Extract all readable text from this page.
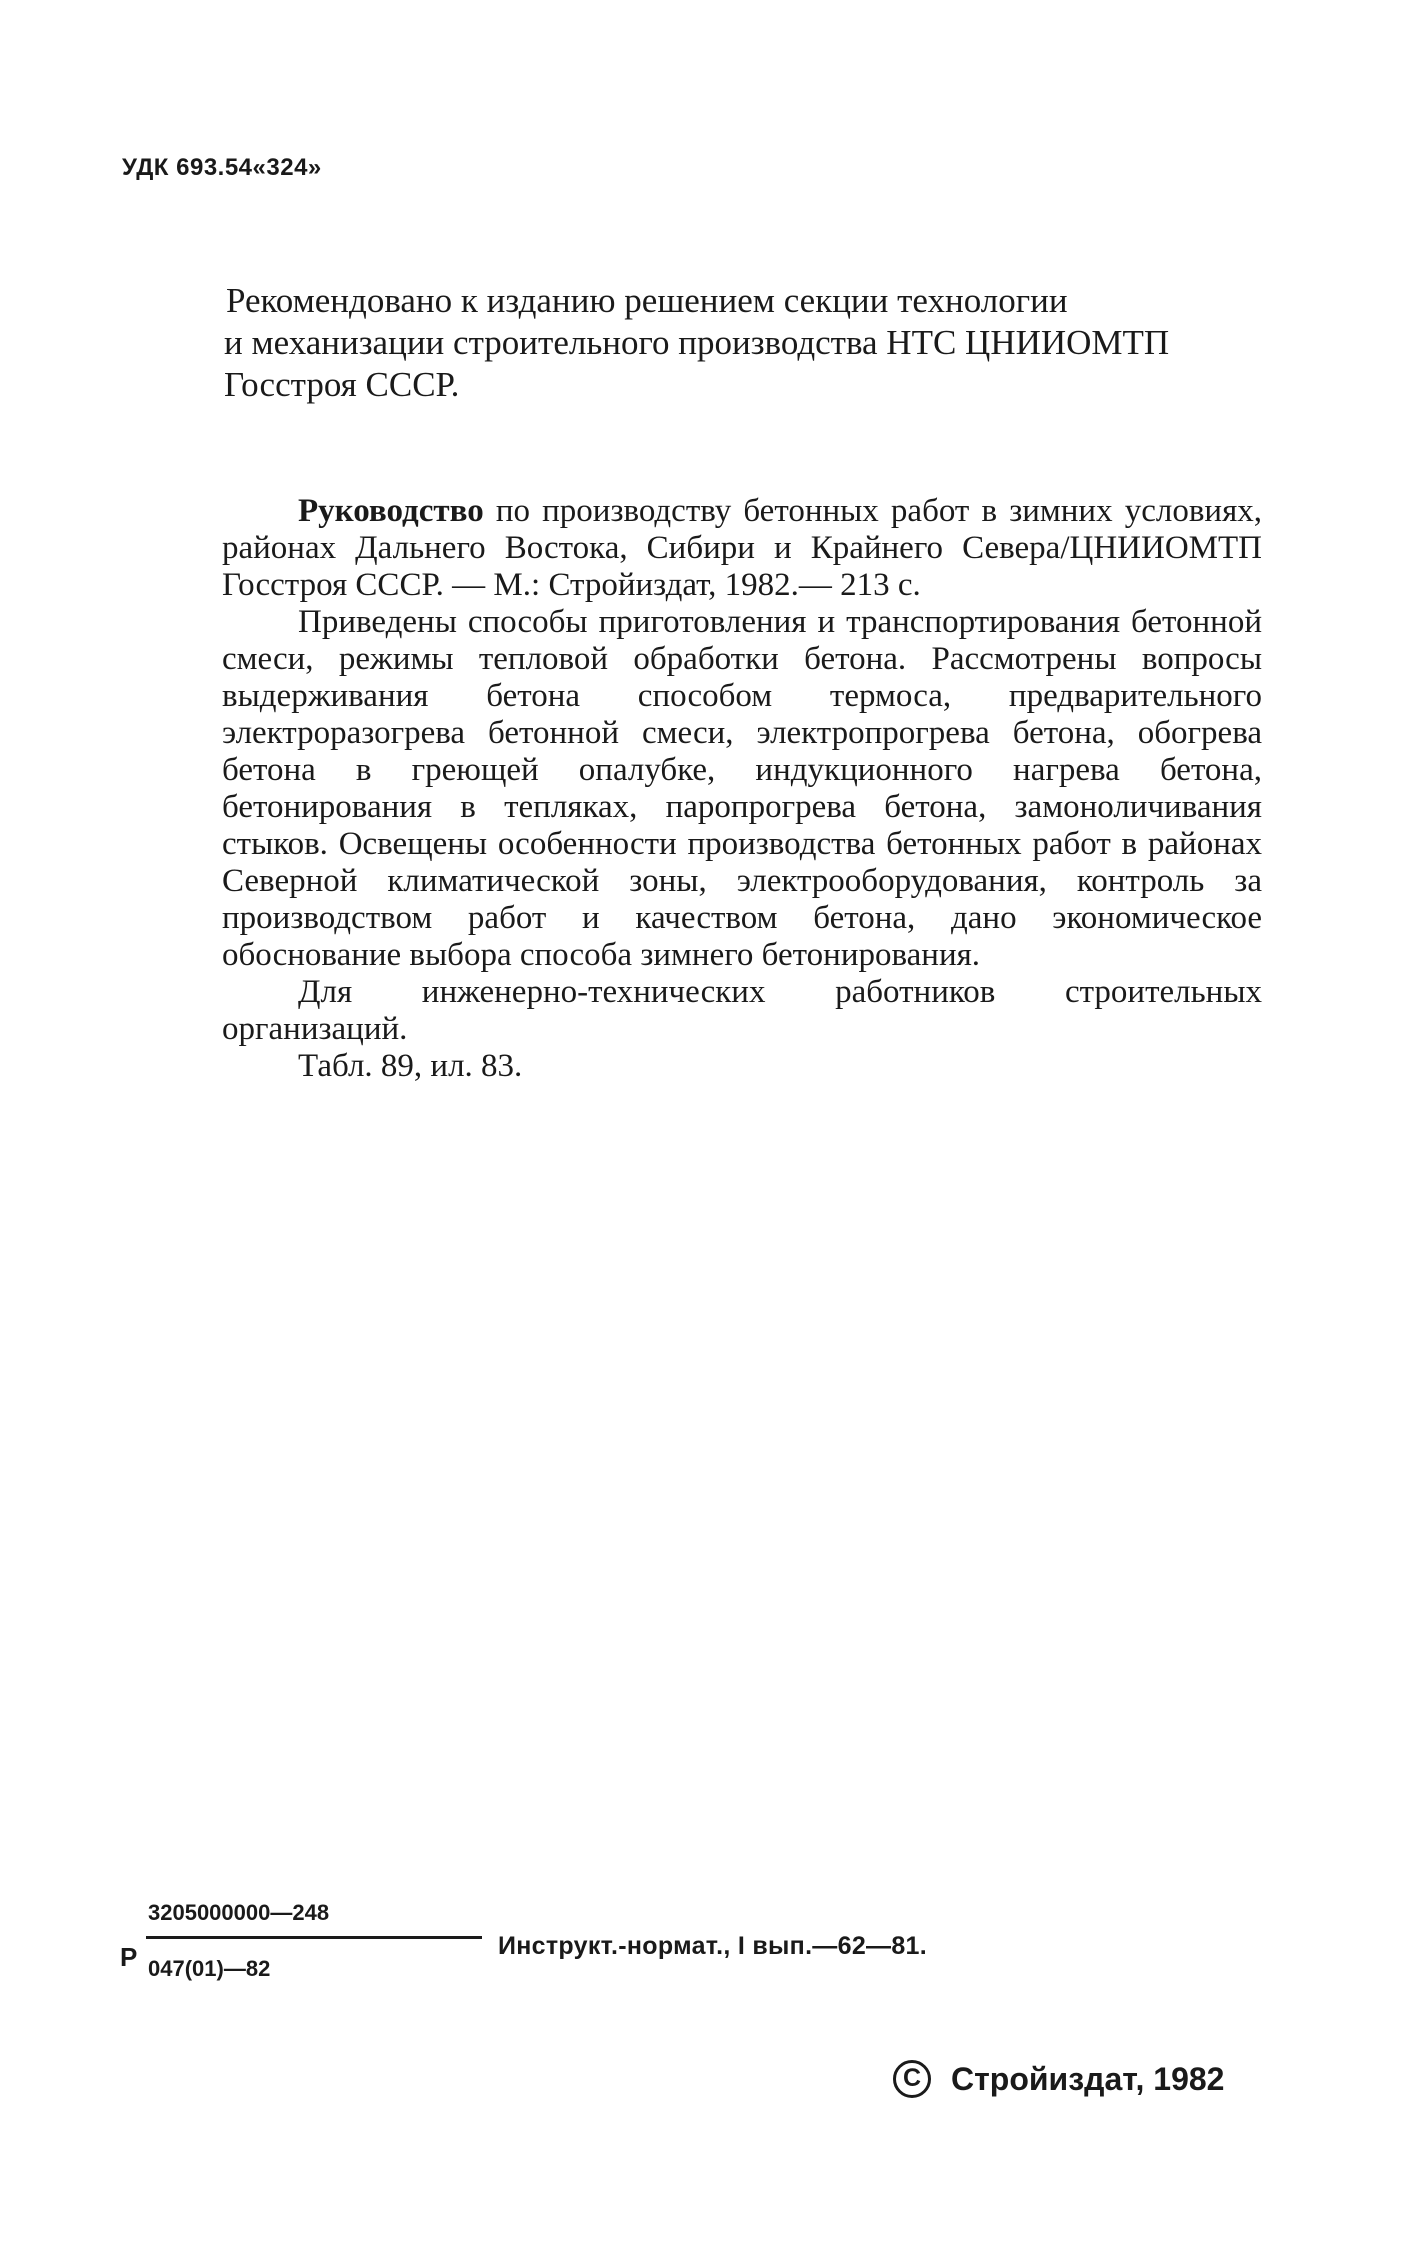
УДК 693.54«324»
Рекомендовано к изданию решением секции технологии
и механизации строительного производства НТС ЦНИИОМТП
Госстроя СССР.

Руководство по производству бетонных работ в зимних условиях, районах Дальнего Востока, Сибири и Крайнего Севера/ЦНИИОМТП Госстроя СССР. — М.: Стройиздат, 1982.— 213 с.

Приведены способы приготовления и транспортирования бетонной смеси, режимы тепловой обработки бетона. Рассмотрены вопросы выдерживания бетона способом термоса, предварительного электроразогрева бетонной смеси, электропрогрева бетона, обогрева бетона в греющей опалубке, индукционного нагрева бетона, бетонирования в тепляках, паропрогрева бетона, замоноличивания стыков. Освещены особенности производства бетонных работ в районах Северной климатической зоны, электрооборудования, контроль за производством работ и качеством бетона, дано экономическое обоснование выбора способа зимнего бетонирования.

Для инженерно-технических работников строительных организаций.

Табл. 89, ил. 83.

Р
3205000000—248
047(01)—82
Инструкт.-нормат., I вып.—62—81.
C Стройиздат, 1982
